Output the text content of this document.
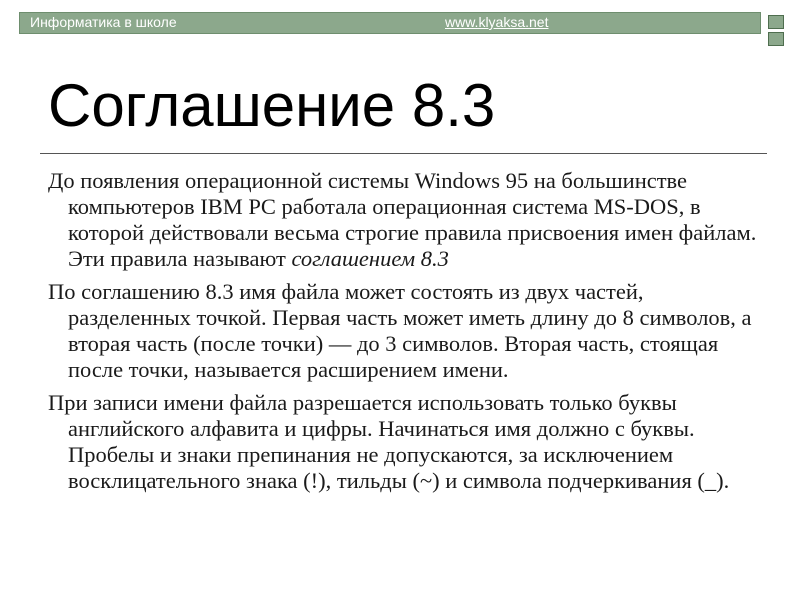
Информатика в школе	www.klyaksa.net
Соглашение 8.3

До появления операционной системы Windows 95 на большинстве компьютеров IBM PC работала операционная система MS-DOS, в которой действовали весьма строгие правила присвоения имен файлам. Эти правила называют соглашением 8.3

По соглашению 8.3 имя файла может состоять из двух частей, разделенных точкой. Первая часть может иметь длину до 8 символов, а вторая часть (после точки) — до 3 символов. Вторая часть, стоящая после точки, называется расширением имени.

При записи имени файла разрешается использовать только буквы английского алфавита и цифры. Начинаться имя должно с буквы. Пробелы и знаки препинания не допускаются, за исключением восклицательного знака (!), тильды (~) и символа подчеркивания (_).
